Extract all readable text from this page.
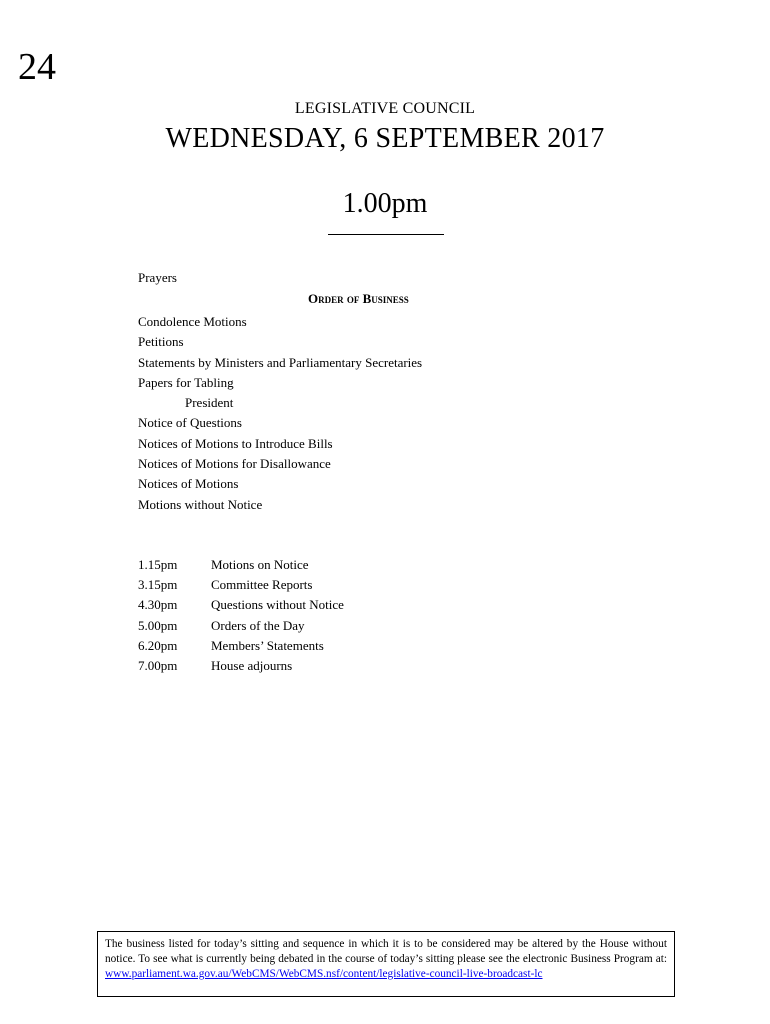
24
LEGISLATIVE COUNCIL
WEDNESDAY, 6 SEPTEMBER 2017
1.00pm
Prayers
Order of Business
Condolence Motions
Petitions
Statements by Ministers and Parliamentary Secretaries
Papers for Tabling
President
Notice of Questions
Notices of Motions to Introduce Bills
Notices of Motions for Disallowance
Notices of Motions
Motions without Notice
1.15pm	Motions on Notice
3.15pm	Committee Reports
4.30pm	Questions without Notice
5.00pm	Orders of the Day
6.20pm	Members’ Statements
7.00pm	House adjourns
The business listed for today’s sitting and sequence in which it is to be considered may be altered by the House without notice. To see what is currently being debated in the course of today’s sitting please see the electronic Business Program at: www.parliament.wa.gov.au/WebCMS/WebCMS.nsf/content/legislative-council-live-broadcast-lc
